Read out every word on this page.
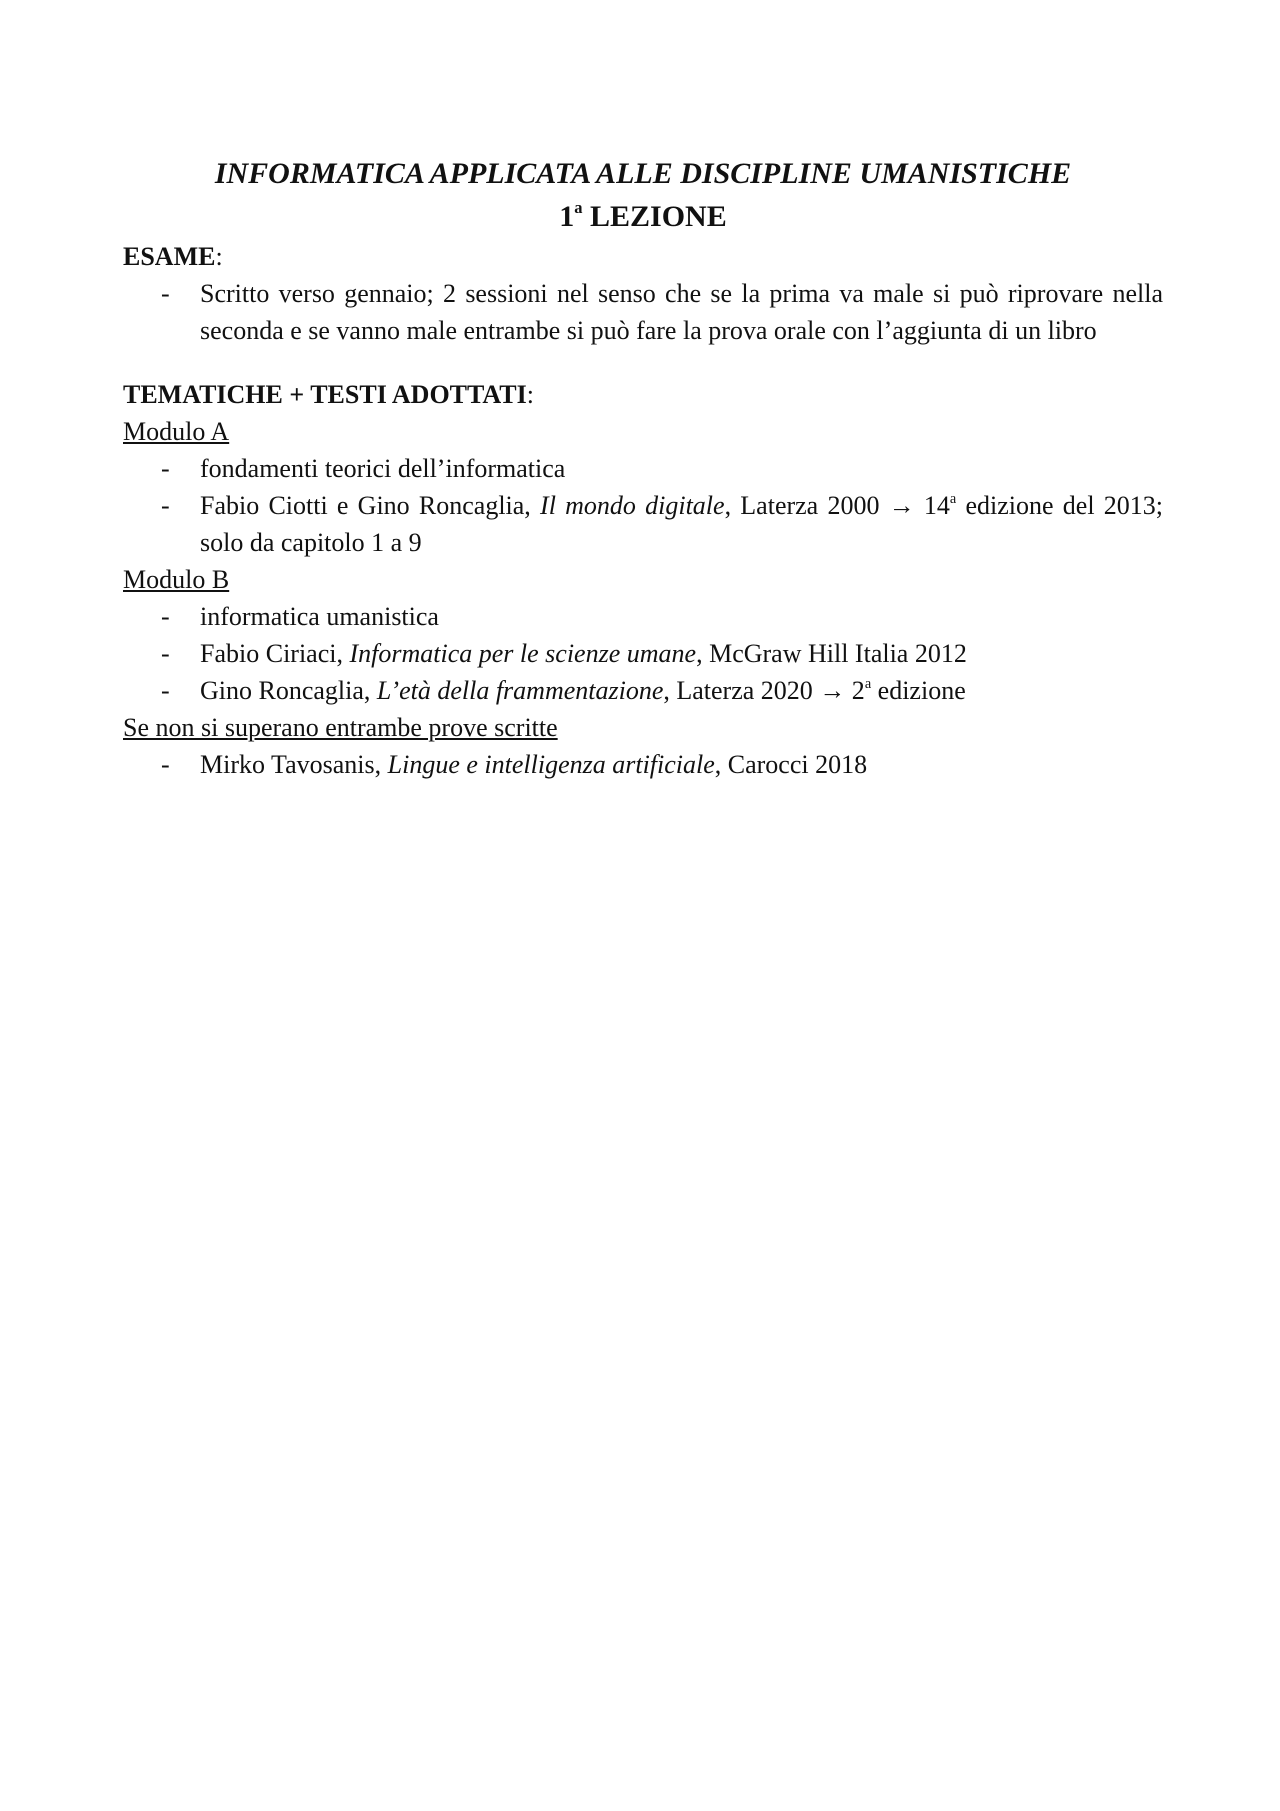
INFORMATICA APPLICATA ALLE DISCIPLINE UMANISTICHE

1$^a$ LEZIONE

ESAME:

- Scritto verso gennaio; 2 sessioni nel senso che se la prima va male si può riprovare nella seconda e se vanno male entrambe si può fare la prova orale con l’aggiunta di un libro

TEMATICHE + TESTI ADOTTATI:

Modulo A

- fondamenti teorici dell’informatica
- Fabio Ciotti e Gino Roncaglia, Il mondo digitale, Laterza $2000 \to 14^a$ edizione del 2013; solo da capitolo 1 a 9

Modulo B

- informatica umanistica
- Fabio Ciriaci, Informatica per le scienze umane, McGraw Hill Italia 2012
- Gino Roncaglia, L’età della frammentazione, Laterza $2020 \to 2^a$ edizione

Se non si superano entrambe prove scritte

- Mirko Tavosanis, Lingue e intelligenza artificiale, Carocci 2018
